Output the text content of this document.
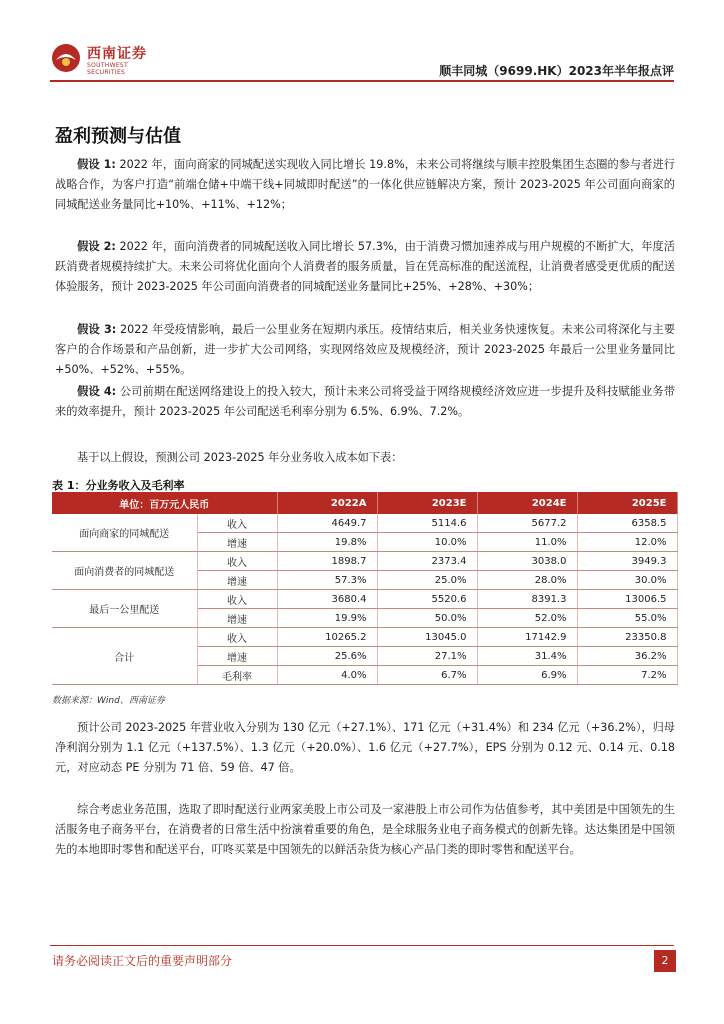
西南证券
SOUTHWEST SECURITIES	顺丰同城（9699.HK）2023年半年报点评
盈利预测与估值
假设 1: 2022 年，面向商家的同城配送实现收入同比增长 19.8%，未来公司将继续与顺丰控股集团生态圈的参与者进行战略合作，为客户打造“前端仓储+中端干线+同城即时配送”的一体化供应链解决方案，预计 2023-2025 年公司面向商家的同城配送业务量同比+10%、+11%、+12%；
假设 2: 2022 年，面向消费者的同城配送收入同比增长 57.3%，由于消费习惯加速养成与用户规模的不断扩大，年度活跃消费者规模持续扩大。未来公司将优化面向个人消费者的服务质量，旨在凭高标准的配送流程，让消费者感受更优质的配送体验服务，预计 2023-2025 年公司面向消费者的同城配送业务量同比+25%、+28%、+30%；
假设 3: 2022 年受疫情影响，最后一公里业务在短期内承压。疫情结束后，相关业务快速恢复。未来公司将深化与主要客户的合作场景和产品创新，进一步扩大公司网络，实现网络效应及规模经济，预计 2023-2025 年最后一公里业务量同比+50%、+52%、+55%。
假设 4: 公司前期在配送网络建设上的投入较大，预计未来公司将受益于网络规模经济效应进一步提升及科技赋能业务带来的效率提升，预计 2023-2025 年公司配送毛利率分别为 6.5%、6.9%、7.2%。
基于以上假设，预测公司 2023-2025 年分业务收入成本如下表：
表 1：分业务收入及毛利率
单位：百万元人民币		2022A	2023E	2024E	2025E
面向商家的同城配送	收入	4649.7	5114.6	5677.2	6358.5
	增速	19.8%	10.0%	11.0%	12.0%
面向消费者的同城配送	收入	1898.7	2373.4	3038.0	3949.3
	增速	57.3%	25.0%	28.0%	30.0%
最后一公里配送	收入	3680.4	5520.6	8391.3	13006.5
	增速	19.9%	50.0%	52.0%	55.0%
合计	收入	10265.2	13045.0	17142.9	23350.8
	增速	25.6%	27.1%	31.4%	36.2%
	毛利率	4.0%	6.7%	6.9%	7.2%
数据来源：Wind、西南证券
预计公司 2023-2025 年营业收入分别为 130 亿元（+27.1%）、171 亿元（+31.4%）和 234 亿元（+36.2%），归母净利润分别为 1.1 亿元（+137.5%）、1.3 亿元（+20.0%）、1.6 亿元（+27.7%），EPS 分别为 0.12 元、0.14 元、0.18 元，对应动态 PE 分别为 71 倍、59 倍、47 倍。
综合考虑业务范围，选取了即时配送行业两家美股上市公司及一家港股上市公司作为估值参考，其中美团是中国领先的生活服务电子商务平台，在消费者的日常生活中扮演着重要的角色，是全球服务业电子商务模式的创新先锋。达达集团是中国领先的本地即时零售和配送平台，叮咚买菜是中国领先的以鲜活杂货为核心产品门类的即时零售和配送平台。
请务必阅读正文后的重要声明部分	2
